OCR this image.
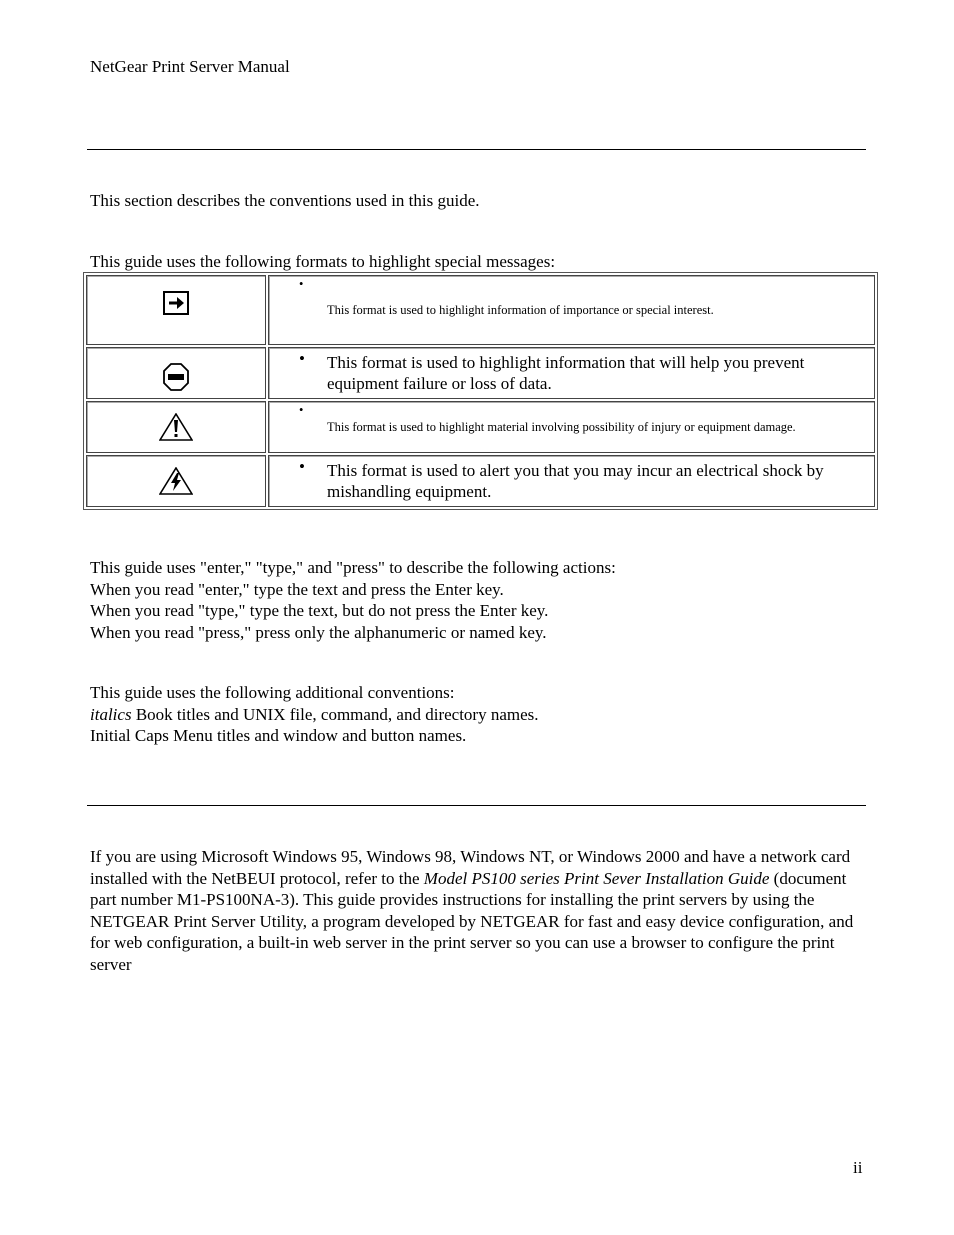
NetGear Print Server Manual
This section describes the conventions used in this guide.
This guide uses the following formats to highlight special messages:
•
This format is used to highlight information of importance or special interest.
•	This format is used to highlight information that will help you prevent equipment failure or loss of data.
•
This format is used to highlight material involving possibility of injury or equipment damage.
•	This format is used to alert you that you may incur an electrical shock by mishandling equipment.
This guide uses "enter," "type," and "press" to describe the following actions:
When you read "enter," type the text and press the Enter key.
When you read "type," type the text, but do not press the Enter key.
When you read "press," press only the alphanumeric or named key.
This guide uses the following additional conventions:
italics Book titles and UNIX file, command, and directory names.
Initial Caps Menu titles and window and button names.
If you are using Microsoft Windows 95, Windows 98, Windows NT, or Windows 2000 and have a network card installed with the NetBEUI protocol, refer to the Model PS100 series Print Sever Installation Guide (document part number M1-PS100NA-3). This guide provides instructions for installing the print servers by using the NETGEAR Print Server Utility, a program developed by NETGEAR for fast and easy device configuration, and for web configuration, a built-in web server in the print server so you can use a browser to configure the print server
ii
